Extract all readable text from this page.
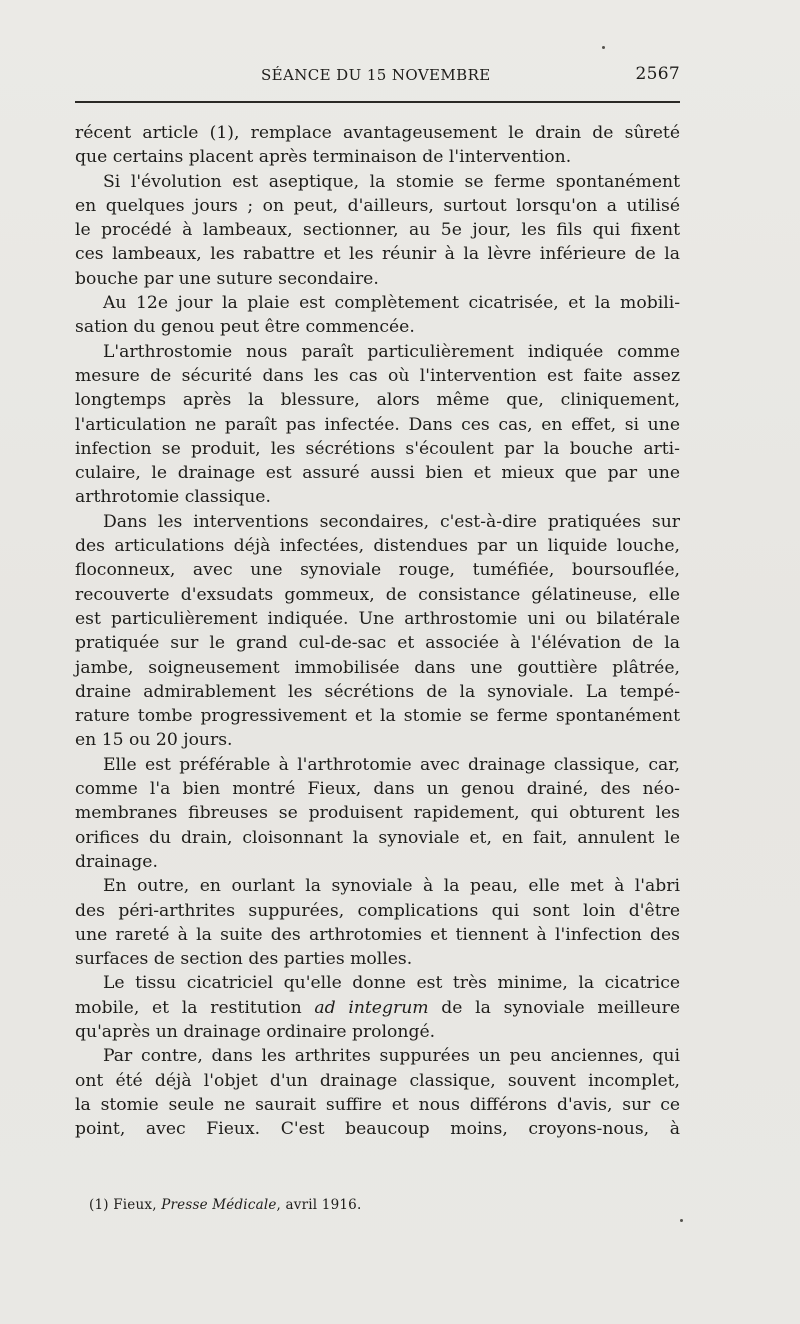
SÉANCE DU 15 NOVEMBRE	2567
récent article (1), remplace avantageusement le drain de sûreté
que certains placent après terminaison de l'intervention.
Si l'évolution est aseptique, la stomie se ferme spontanément
en quelques jours ; on peut, d'ailleurs, surtout lorsqu'on a utilisé
le procédé à lambeaux, sectionner, au 5e jour, les fils qui fixent
ces lambeaux, les rabattre et les réunir à la lèvre inférieure de la
bouche par une suture secondaire.
Au 12e jour la plaie est complètement cicatrisée, et la mobili-
sation du genou peut être commencée.
L'arthrostomie nous paraît particulièrement indiquée comme
mesure de sécurité dans les cas où l'intervention est faite assez
longtemps après la blessure, alors même que, cliniquement,
l'articulation ne paraît pas infectée. Dans ces cas, en effet, si une
infection se produit, les sécrétions s'écoulent par la bouche arti-
culaire, le drainage est assuré aussi bien et mieux que par une
arthrotomie classique.
Dans les interventions secondaires, c'est-à-dire pratiquées sur
des articulations déjà infectées, distendues par un liquide louche,
floconneux, avec une synoviale rouge, tuméfiée, boursouflée,
recouverte d'exsudats gommeux, de consistance gélatineuse, elle
est particulièrement indiquée. Une arthrostomie uni ou bilatérale
pratiquée sur le grand cul-de-sac et associée à l'élévation de la
jambe, soigneusement immobilisée dans une gouttière plâtrée,
draine admirablement les sécrétions de la synoviale. La tempé-
rature tombe progressivement et la stomie se ferme spontanément
en 15 ou 20 jours.
Elle est préférable à l'arthrotomie avec drainage classique, car,
comme l'a bien montré Fieux, dans un genou drainé, des néo-
membranes fibreuses se produisent rapidement, qui obturent les
orifices du drain, cloisonnant la synoviale et, en fait, annulent le
drainage.
En outre, en ourlant la synoviale à la peau, elle met à l'abri
des péri-arthrites suppurées, complications qui sont loin d'être
une rareté à la suite des arthrotomies et tiennent à l'infection des
surfaces de section des parties molles.
Le tissu cicatriciel qu'elle donne est très minime, la cicatrice
mobile, et la restitution ad integrum de la synoviale meilleure
qu'après un drainage ordinaire prolongé.
Par contre, dans les arthrites suppurées un peu anciennes, qui
ont été déjà l'objet d'un drainage classique, souvent incomplet,
la stomie seule ne saurait suffire et nous différons d'avis, sur ce
point, avec Fieux. C'est beaucoup moins, croyons-nous, à
(1) Fieux, Presse Médicale, avril 1916.
